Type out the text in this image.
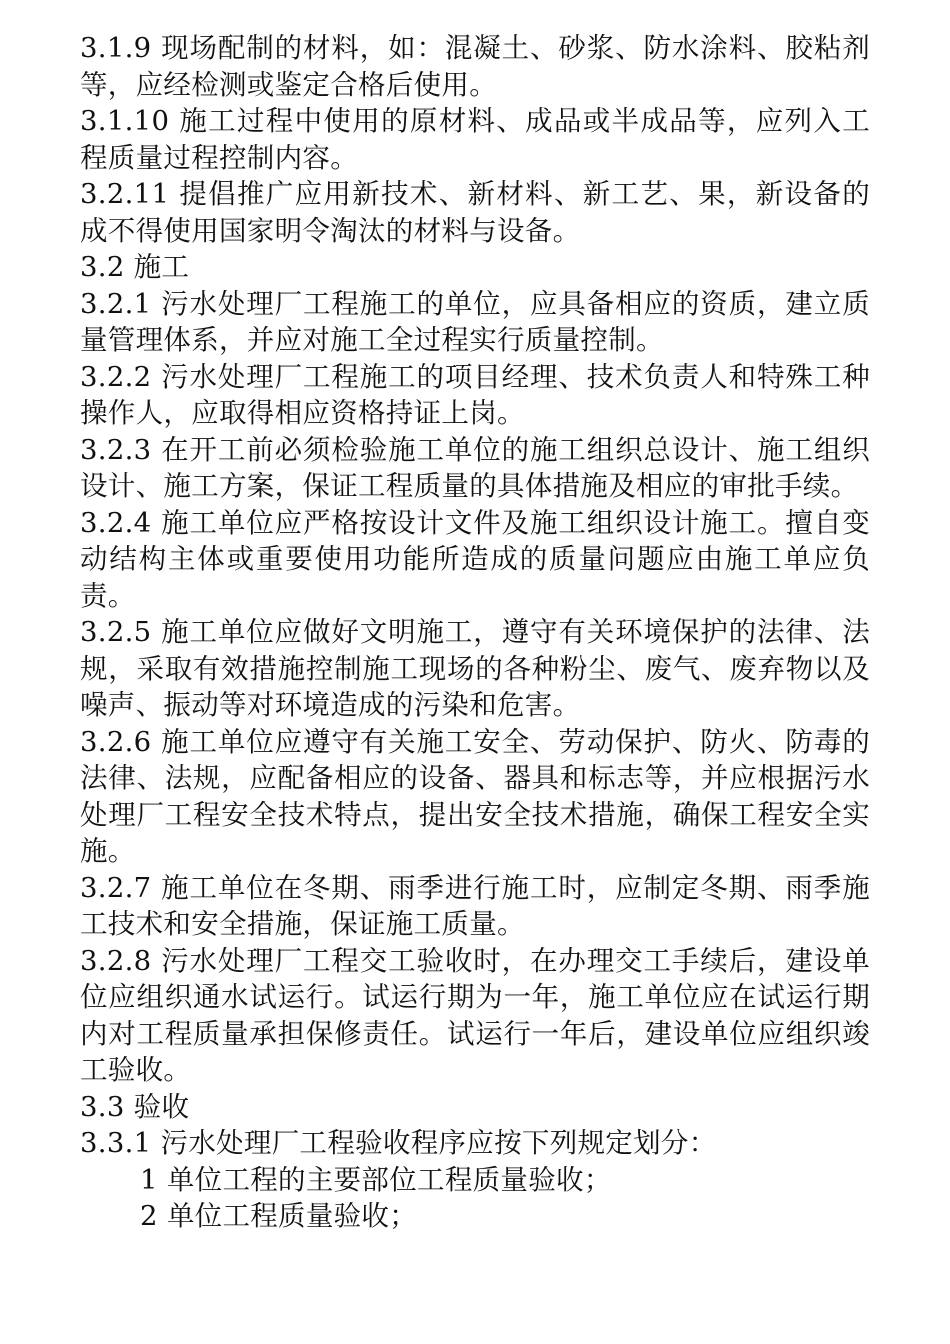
3.1.9 现场配制的材料，如：混凝土、砂浆、防水涂料、胶粘剂等，应经检测或鉴定合格后使用。

3.1.10 施工过程中使用的原材料、成品或半成品等，应列入工程质量过程控制内容。

3.2.11 提倡推广应用新技术、新材料、新工艺、果，新设备的成不得使用国家明令淘汰的材料与设备。

3.2 施工

3.2.1 污水处理厂工程施工的单位，应具备相应的资质，建立质量管理体系，并应对施工全过程实行质量控制。

3.2.2 污水处理厂工程施工的项目经理、技术负责人和特殊工种操作人，应取得相应资格持证上岗。

3.2.3 在开工前必须检验施工单位的施工组织总设计、施工组织设计、施工方案，保证工程质量的具体措施及相应的审批手续。

3.2.4 施工单位应严格按设计文件及施工组织设计施工。擅自变动结构主体或重要使用功能所造成的质量问题应由施工单应负责。

3.2.5 施工单位应做好文明施工，遵守有关环境保护的法律、法规，采取有效措施控制施工现场的各种粉尘、废气、废弃物以及噪声、振动等对环境造成的污染和危害。

3.2.6 施工单位应遵守有关施工安全、劳动保护、防火、防毒的法律、法规，应配备相应的设备、器具和标志等，并应根据污水处理厂工程安全技术特点，提出安全技术措施，确保工程安全实施。

3.2.7 施工单位在冬期、雨季进行施工时，应制定冬期、雨季施工技术和安全措施，保证施工质量。

3.2.8 污水处理厂工程交工验收时，在办理交工手续后，建设单位应组织通水试运行。试运行期为一年，施工单位应在试运行期内对工程质量承担保修责任。试运行一年后，建设单位应组织竣工验收。

3.3 验收

3.3.1 污水处理厂工程验收程序应按下列规定划分：

1 单位工程的主要部位工程质量验收；

2 单位工程质量验收；
